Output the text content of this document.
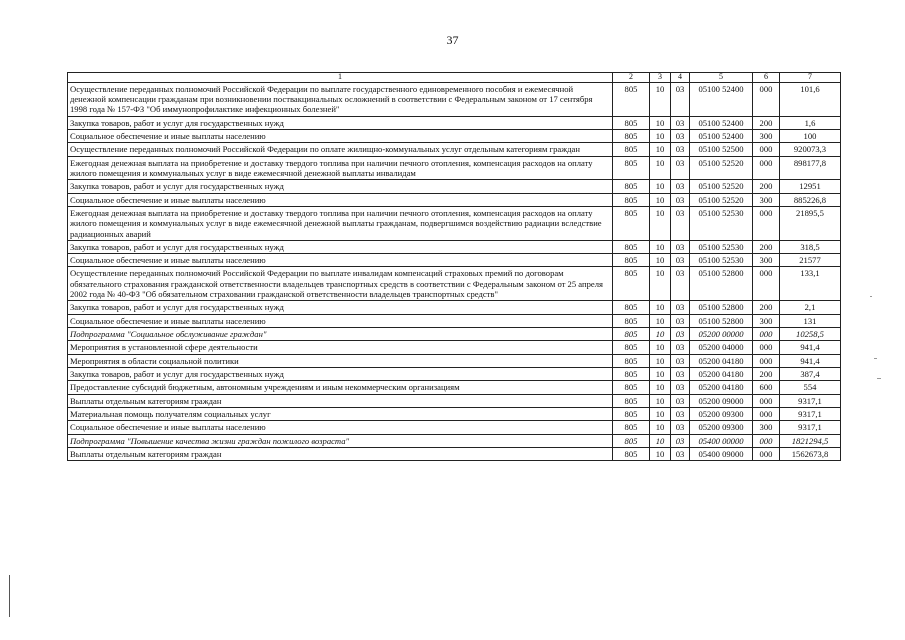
37
1	2	3	4	5	6	7
Осуществление переданных полномочий Российской Федерации по выплате государственного единовременного пособия и ежемесячной денежной компенсации гражданам при возникновении поствакцинальных осложнений в соответствии с Федеральным законом от 17 сентября 1998 года № 157-ФЗ "Об иммунопрофилактике инфекционных болезней"	805	10	03	05100 52400	000	101,6
Закупка товаров, работ и услуг для государственных нужд	805	10	03	05100 52400	200	1,6
Социальное обеспечение и иные выплаты населению	805	10	03	05100 52400	300	100
Осуществление переданных полномочий Российской Федерации по оплате жилищно-коммунальных услуг отдельным категориям граждан	805	10	03	05100 52500	000	920073,3
Ежегодная денежная выплата на приобретение и доставку твердого топлива при наличии печного отопления, компенсация расходов на оплату жилого помещения и коммунальных услуг в виде ежемесячной денежной выплаты инвалидам	805	10	03	05100 52520	000	898177,8
Закупка товаров, работ и услуг для государственных нужд	805	10	03	05100 52520	200	12951
Социальное обеспечение и иные выплаты населению	805	10	03	05100 52520	300	885226,8
Ежегодная денежная выплата на приобретение и доставку твердого топлива при наличии печного отопления, компенсация расходов на оплату жилого помещения и коммунальных услуг в виде ежемесячной денежной выплаты гражданам, подвергшимся воздействию радиации вследствие радиационных аварий	805	10	03	05100 52530	000	21895,5
Закупка товаров, работ и услуг для государственных нужд	805	10	03	05100 52530	200	318,5
Социальное обеспечение и иные выплаты населению	805	10	03	05100 52530	300	21577
Осуществление переданных полномочий Российской Федерации по выплате инвалидам компенсаций страховых премий по договорам обязательного страхования гражданской ответственности владельцев транспортных средств в соответствии с Федеральным законом от 25 апреля 2002 года № 40-ФЗ "Об обязательном страховании гражданской ответственности владельцев транспортных средств"	805	10	03	05100 52800	000	133,1
Закупка товаров, работ и услуг для государственных нужд	805	10	03	05100 52800	200	2,1
Социальное обеспечение и иные выплаты населению	805	10	03	05100 52800	300	131
Подпрограмма "Социальное обслуживание граждан"	805	10	03	05200 00000	000	10258,5
Мероприятия в установленной сфере деятельности	805	10	03	05200 04000	000	941,4
Мероприятия в области социальной политики	805	10	03	05200 04180	000	941,4
Закупка товаров, работ и услуг для государственных нужд	805	10	03	05200 04180	200	387,4
Предоставление субсидий бюджетным, автономным учреждениям и иным некоммерческим организациям	805	10	03	05200 04180	600	554
Выплаты отдельным категориям граждан	805	10	03	05200 09000	000	9317,1
Материальная помощь получателям социальных услуг	805	10	03	05200 09300	000	9317,1
Социальное обеспечение и иные выплаты населению	805	10	03	05200 09300	300	9317,1
Подпрограмма "Повышение качества жизни граждан пожилого возраста"	805	10	03	05400 00000	000	1821294,5
Выплаты отдельным категориям граждан	805	10	03	05400 09000	000	1562673,8
